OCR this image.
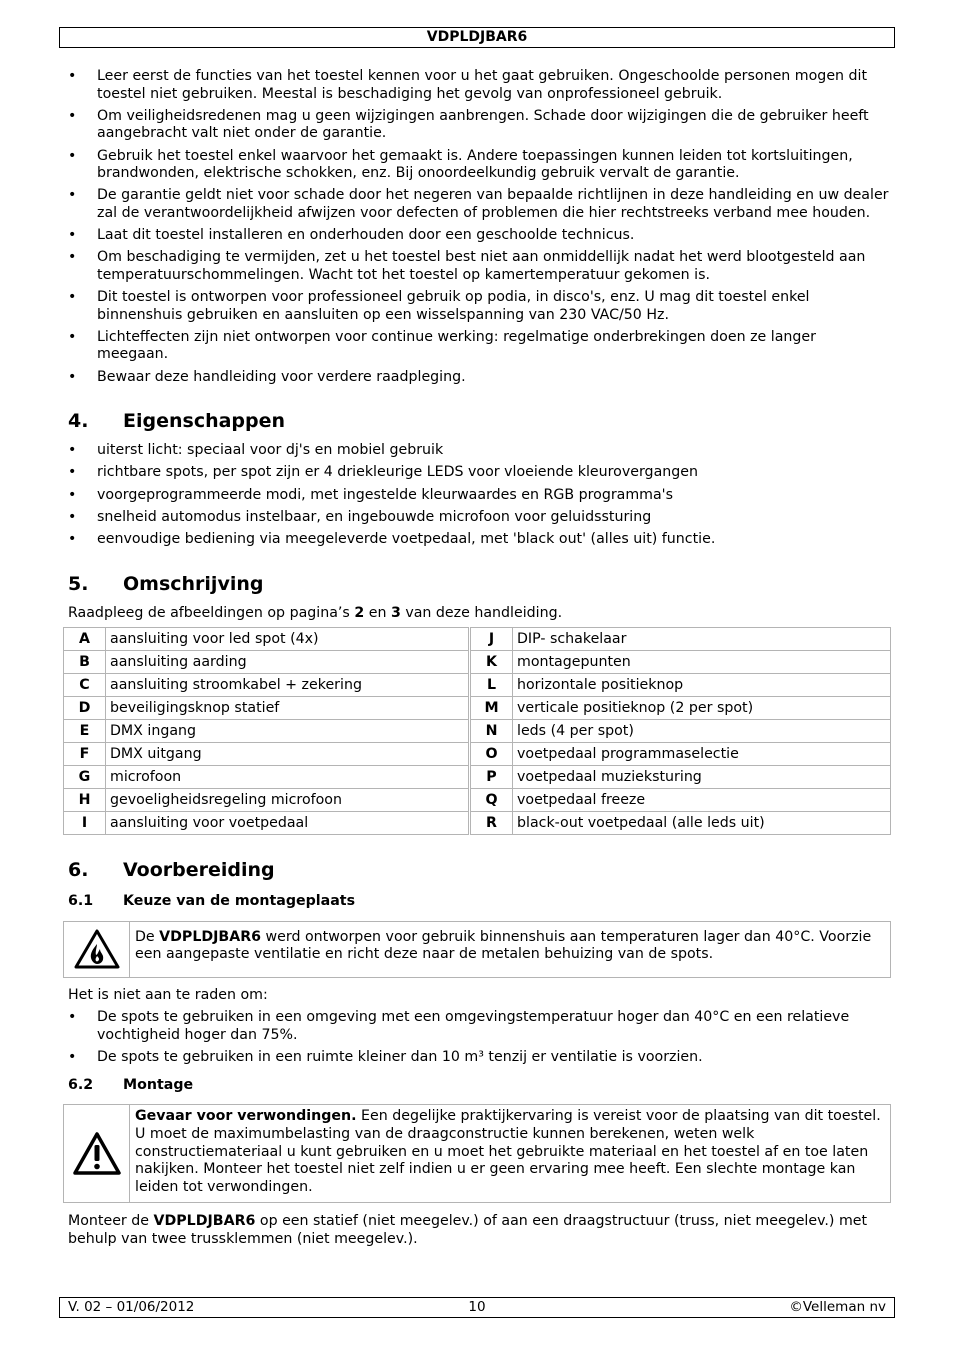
VDPLDJBAR6
• Leer eerst de functies van het toestel kennen voor u het gaat gebruiken. Ongeschoolde personen mogen dit toestel niet gebruiken. Meestal is beschadiging het gevolg van onprofessioneel gebruik.
• Om veiligheidsredenen mag u geen wijzigingen aanbrengen. Schade door wijzigingen die de gebruiker heeft aangebracht valt niet onder de garantie.
• Gebruik het toestel enkel waarvoor het gemaakt is. Andere toepassingen kunnen leiden tot kortsluitingen, brandwonden, elektrische schokken, enz. Bij onoordeelkundig gebruik vervalt de garantie.
• De garantie geldt niet voor schade door het negeren van bepaalde richtlijnen in deze handleiding en uw dealer zal de verantwoordelijkheid afwijzen voor defecten of problemen die hier rechtstreeks verband mee houden.
• Laat dit toestel installeren en onderhouden door een geschoolde technicus.
• Om beschadiging te vermijden, zet u het toestel best niet aan onmiddellijk nadat het werd blootgesteld aan temperatuurschommelingen. Wacht tot het toestel op kamertemperatuur gekomen is.
• Dit toestel is ontworpen voor professioneel gebruik op podia, in disco's, enz. U mag dit toestel enkel binnenshuis gebruiken en aansluiten op een wisselspanning van 230 VAC/50 Hz.
• Lichteffecten zijn niet ontworpen voor continue werking: regelmatige onderbrekingen doen ze langer meegaan.
• Bewaar deze handleiding voor verdere raadpleging.
4. Eigenschappen
• uiterst licht: speciaal voor dj's en mobiel gebruik
• richtbare spots, per spot zijn er 4 driekleurige LEDS voor vloeiende kleurovergangen
• voorgeprogrammeerde modi, met ingestelde kleurwaardes en RGB programma's
• snelheid automodus instelbaar, en ingebouwde microfoon voor geluidssturing
• eenvoudige bediening via meegeleverde voetpedaal, met 'black out' (alles uit) functie.
5. Omschrijving

Raadpleeg de afbeeldingen op pagina’s 2 en 3 van deze handleiding.

A	aansluiting voor led spot (4x)	J	DIP- schakelaar
B	aansluiting aarding	K	montagepunten
C	aansluiting stroomkabel + zekering	L	horizontale positieknop
D	beveiligingsknop statief	M	verticale positieknop (2 per spot)
E	DMX ingang	N	leds (4 per spot)
F	DMX uitgang	O	voetpedaal programmaselectie
G	microfoon	P	voetpedaal muzieksturing
H	gevoeligheidsregeling microfoon	Q	voetpedaal freeze
I	aansluiting voor voetpedaal	R	black-out voetpedaal (alle leds uit)
6. Voorbereiding
6.1 Keuze van de montageplaats
De VDPLDJBAR6 werd ontworpen voor gebruik binnenshuis aan temperaturen lager dan 40°C. Voorzie een aangepaste ventilatie en richt deze naar de metalen behuizing van de spots.

Het is niet aan te raden om:

• De spots te gebruiken in een omgeving met een omgevingstemperatuur hoger dan 40°C en een relatieve vochtigheid hoger dan 75%.
• De spots te gebruiken in een ruimte kleiner dan 10 m³ tenzij er ventilatie is voorzien.
6.2 Montage
Gevaar voor verwondingen. Een degelijke praktijkervaring is vereist voor de plaatsing van dit toestel. U moet de maximumbelasting van de draagconstructie kunnen berekenen, weten welk constructiemateriaal u kunt gebruiken en u moet het gebruikte materiaal en het toestel af en toe laten nakijken. Monteer het toestel niet zelf indien u er geen ervaring mee heeft. Een slechte montage kan leiden tot verwondingen.

Monteer de VDPLDJBAR6 op een statief (niet meegelev.) of aan een draagstructuur (truss, niet meegelev.) met behulp van twee trussklemmen (niet meegelev.).

V. 02 – 01/06/2012	10	©Velleman nv
